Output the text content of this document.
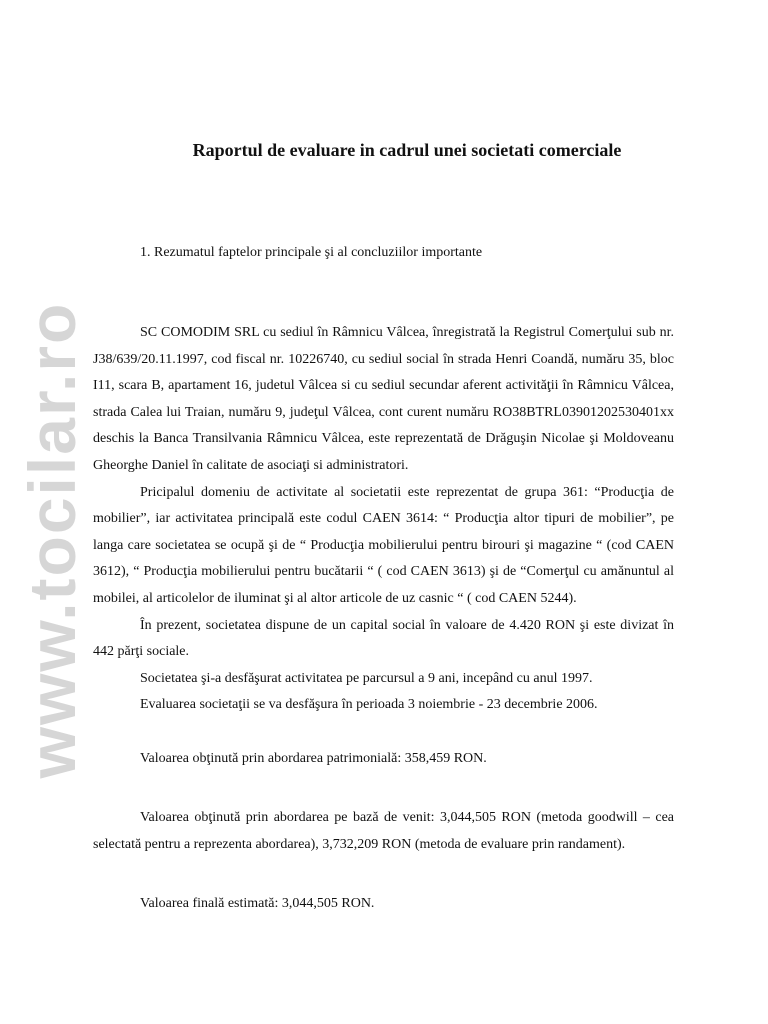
www.tocilar.ro
Raportul de evaluare in cadrul unei societati comerciale
1. Rezumatul faptelor principale şi al concluziilor importante

SC COMODIM SRL cu sediul în Râmnicu Vâlcea, înregistrată la Registrul Comerţului sub nr. J38/639/20.11.1997, cod fiscal nr. 10226740, cu sediul social în strada Henri Coandă, număru 35, bloc I11, scara B, apartament 16, judetul Vâlcea si cu sediul secundar aferent activităţii în Râmnicu Vâlcea, strada Calea lui Traian, număru 9, judeţul Vâlcea, cont curent număru RO38BTRL03901202530401xx deschis la Banca Transilvania Râmnicu Vâlcea, este reprezentată de Drăguşin Nicolae şi Moldoveanu Gheorghe Daniel în calitate de asociaţi si administratori.

Pricipalul domeniu de activitate al societatii este reprezentat de grupa 361: “Producţia de mobilier”, iar activitatea principală este codul CAEN 3614: “ Producţia altor tipuri de mobilier”, pe langa care societatea se ocupă şi de “ Producţia mobilierului pentru birouri şi magazine “ (cod CAEN 3612), “ Producţia mobilierului pentru bucătarii “ ( cod CAEN 3613) şi de “Comerţul cu amănuntul al mobilei, al articolelor de iluminat şi al altor articole de uz casnic “ ( cod CAEN 5244).

În prezent, societatea dispune de un capital social în valoare de 4.420 RON şi este divizat în 442 părţi sociale.

Societatea şi-a desfăşurat activitatea pe parcursul a 9 ani, incepând cu anul 1997.

Evaluarea societaţii se va desfăşura în perioada 3 noiembrie - 23 decembrie 2006.

Valoarea obţinută prin abordarea patrimonială: 358,459 RON.

Valoarea obţinută prin abordarea pe bază de venit: 3,044,505 RON (metoda goodwill – cea selectată pentru a reprezenta abordarea), 3,732,209 RON (metoda de evaluare prin randament).

Valoarea finală estimată: 3,044,505 RON.
